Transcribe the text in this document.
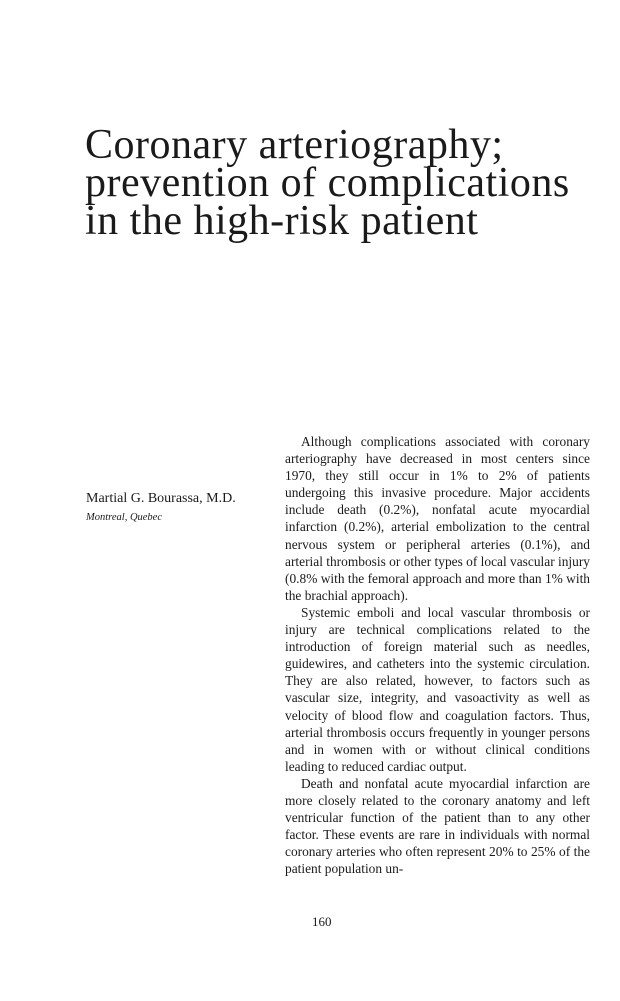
Coronary arteriography;
prevention of complications
in the high-risk patient
Martial G. Bourassa, M.D.
Montreal, Quebec

Although complications associated with coronary arteriography have decreased in most centers since 1970, they still occur in 1% to 2% of patients undergoing this invasive procedure. Major accidents include death (0.2%), nonfatal acute myocardial infarction (0.2%), arterial embolization to the central nervous system or peripheral arteries (0.1%), and arterial thrombosis or other types of local vascular injury (0.8% with the femoral approach and more than 1% with the brachial approach).

Systemic emboli and local vascular thrombosis or injury are technical complications related to the introduction of foreign material such as needles, guidewires, and catheters into the systemic circulation. They are also related, however, to factors such as vascular size, integrity, and vasoactivity as well as velocity of blood flow and coagulation factors. Thus, arterial thrombosis occurs frequently in younger persons and in women with or without clinical conditions leading to reduced cardiac output.

Death and nonfatal acute myocardial infarction are more closely related to the coronary anatomy and left ventricular function of the patient than to any other factor. These events are rare in individuals with normal coronary arteries who often represent 20% to 25% of the patient population un-

160
